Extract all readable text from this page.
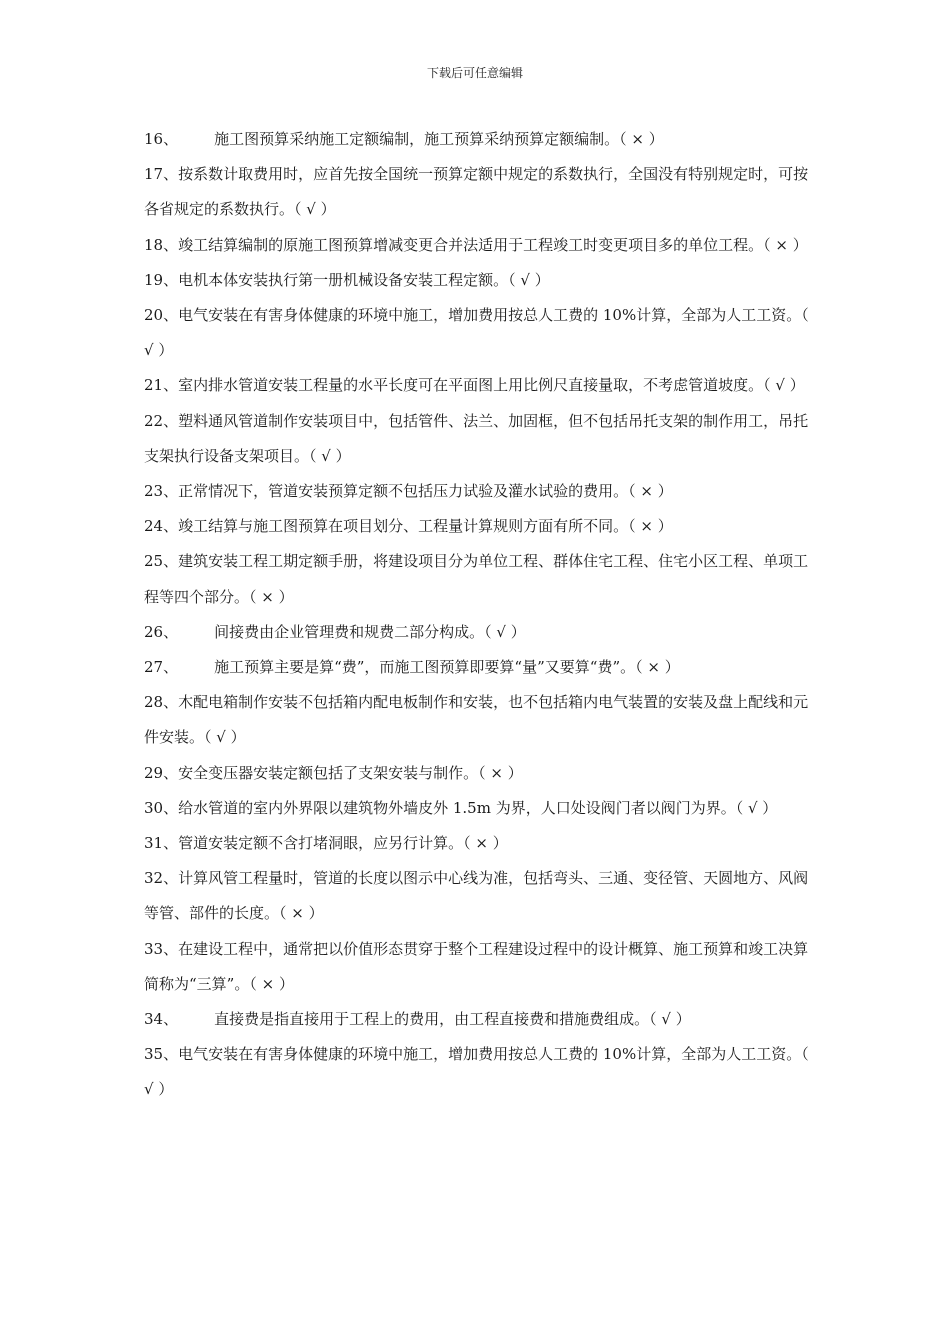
下载后可任意编辑

16、 施工图预算采纳施工定额编制，施工预算采纳预算定额编制。（ × ）

17、按系数计取费用时，应首先按全国统一预算定额中规定的系数执行，全国没有特别规定时，可按各省规定的系数执行。（ √ ）

18、竣工结算编制的原施工图预算增减变更合并法适用于工程竣工时变更项目多的单位工程。（ × ）

19、电机本体安装执行第一册机械设备安装工程定额。（ √ ）

20、电气安装在有害身体健康的环境中施工，增加费用按总人工费的 10%计算，全部为人工工资。（ √ ）

21、室内排水管道安装工程量的水平长度可在平面图上用比例尺直接量取，不考虑管道坡度。（ √ ）

22、塑料通风管道制作安装项目中，包括管件、法兰、加固框，但不包括吊托支架的制作用工，吊托支架执行设备支架项目。（ √ ）

23、正常情况下，管道安装预算定额不包括压力试验及灌水试验的费用。（ × ）

24、竣工结算与施工图预算在项目划分、工程量计算规则方面有所不同。（ × ）

25、建筑安装工程工期定额手册，将建设项目分为单位工程、群体住宅工程、住宅小区工程、单项工程等四个部分。（ × ）

26、 间接费由企业管理费和规费二部分构成。（ √ ）

27、 施工预算主要是算“费”，而施工图预算即要算“量”又要算“费”。（ × ）

28、木配电箱制作安装不包括箱内配电板制作和安装，也不包括箱内电气装置的安装及盘上配线和元件安装。（ √ ）

29、安全变压器安装定额包括了支架安装与制作。（ × ）

30、给水管道的室内外界限以建筑物外墙皮外 1.5m 为界，人口处设阀门者以阀门为界。（ √ ）

31、管道安装定额不含打堵洞眼，应另行计算。（ × ）

32、计算风管工程量时，管道的长度以图示中心线为准，包括弯头、三通、变径管、天圆地方、风阀等管、部件的长度。（ × ）

33、在建设工程中，通常把以价值形态贯穿于整个工程建设过程中的设计概算、施工预算和竣工决算简称为“三算”。（ × ）

34、 直接费是指直接用于工程上的费用，由工程直接费和措施费组成。（ √ ）

35、电气安装在有害身体健康的环境中施工，增加费用按总人工费的 10%计算，全部为人工工资。（ √ ）
